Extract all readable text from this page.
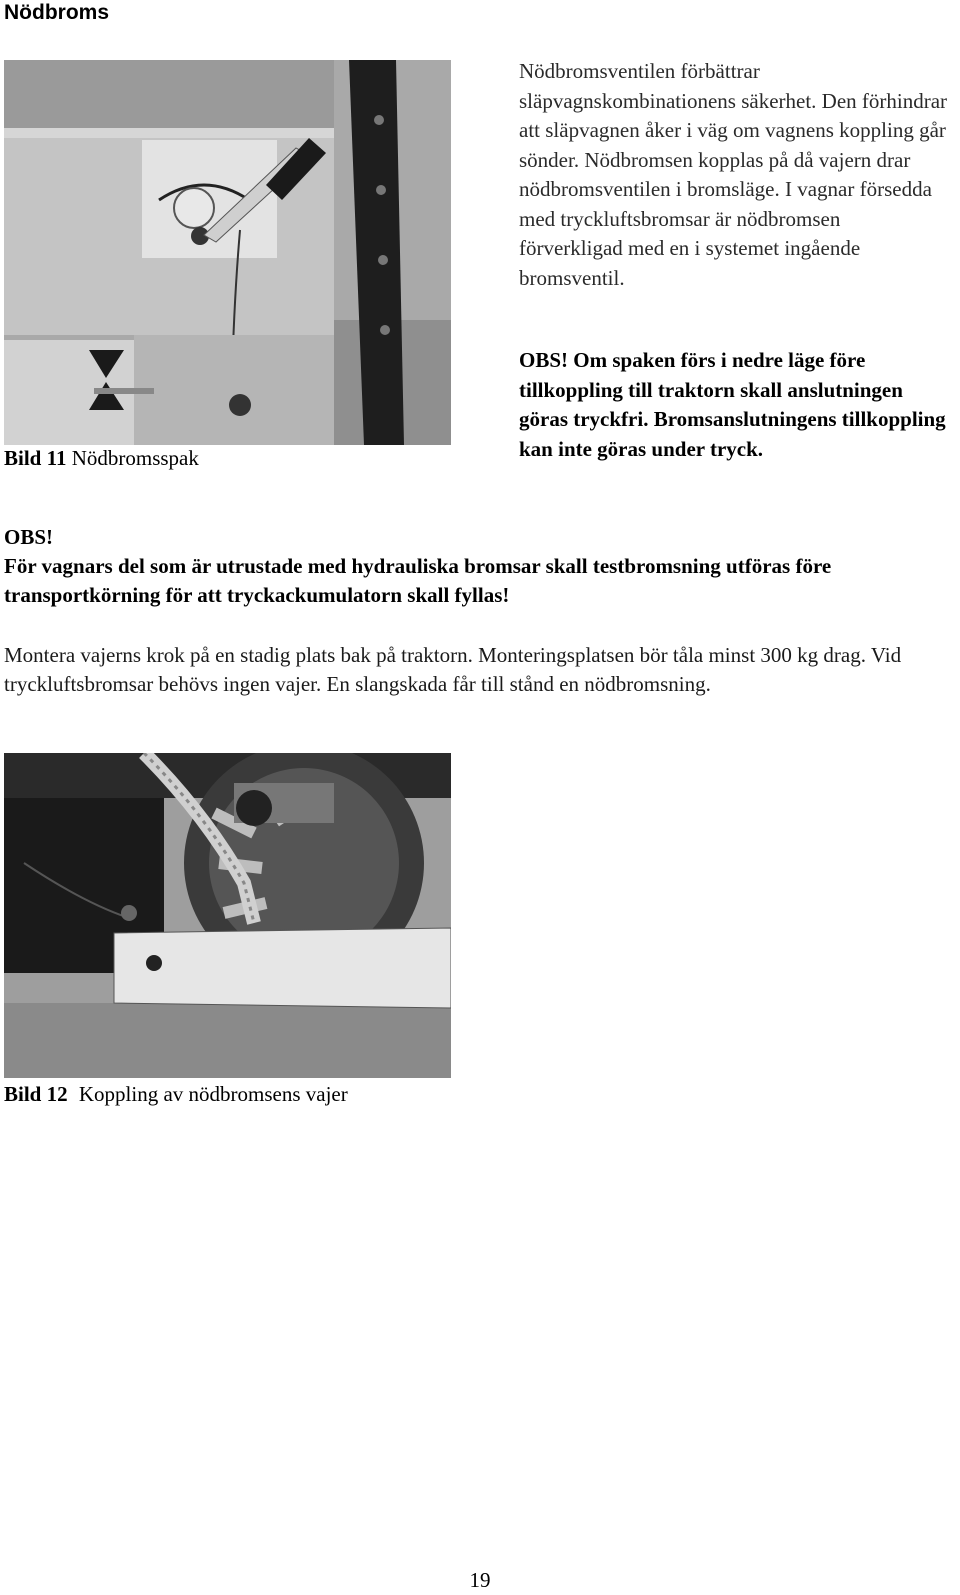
Nödbroms
Bild 11 Nödbromsspak
Nödbromsventilen förbättrar släpvagnskombinationens säkerhet. Den förhindrar att släpvagnen åker i väg om vagnens koppling går sönder. Nödbromsen kopplas på då vajern drar nödbromsventilen i bromsläge. I vagnar försedda med tryckluftsbromsar är nödbromsen förverkligad med en i systemet ingående bromsventil.
OBS! Om spaken förs i nedre läge före tillkoppling till traktorn skall anslutningen göras tryckfri. Bromsanslutningens tillkoppling kan inte göras under tryck.
OBS!
För vagnars del som är utrustade med hydrauliska bromsar skall testbromsning utföras före transportkörning för att tryckackumulatorn skall fyllas!
Montera vajerns krok på en stadig plats bak på traktorn. Monteringsplatsen bör tåla minst 300 kg drag. Vid tryckluftsbromsar behövs ingen vajer. En slangskada får till stånd en nödbromsning.
Bild 12 Koppling av nödbromsens vajer
19
